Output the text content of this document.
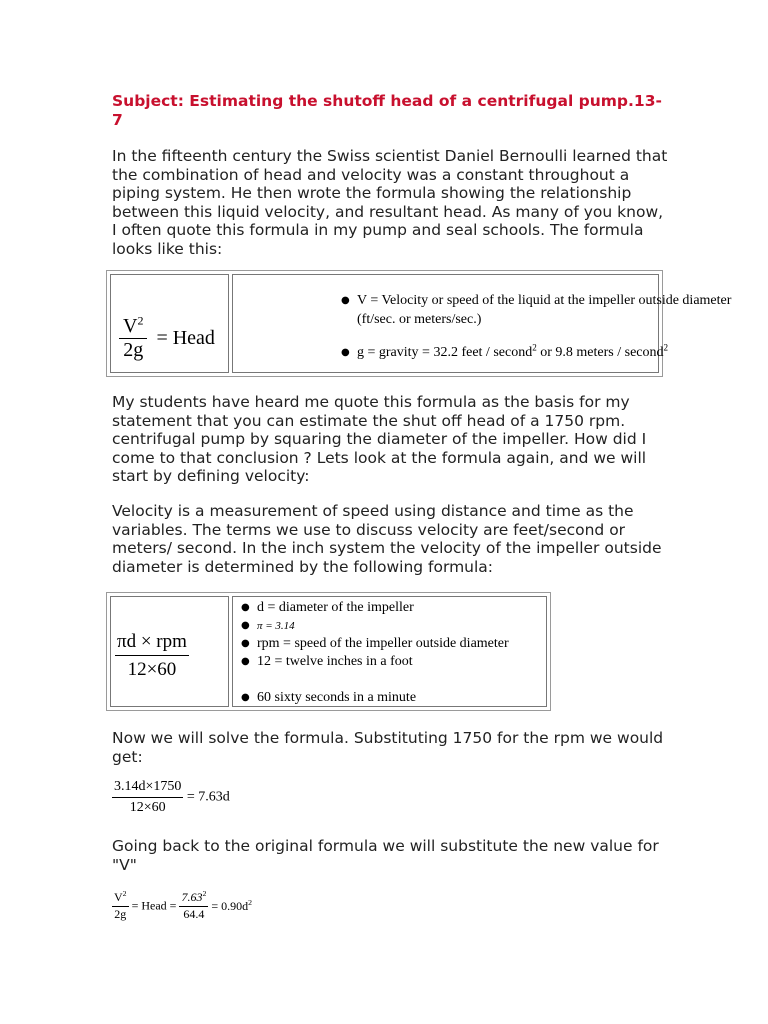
Subject: Estimating the shutoff head of a centrifugal pump.13-7

In the fifteenth century the Swiss scientist Daniel Bernoulli learned that the combination of head and velocity was a constant throughout a piping system. He then wrote the formula showing the relationship between this liquid velocity, and resultant head. As many of you know, I often quote this formula in my pump and seal schools. The formula looks like this:

$\frac{V^2}{2g}$ = Head
● V = Velocity or speed of the liquid at the impeller outside diameter (ft/sec. or meters/sec.)
● g = gravity = 32.2 feet / second$^2$ or 9.8 meters / second$^2$

My students have heard me quote this formula as the basis for my statement that you can estimate the shut off head of a 1750 rpm. centrifugal pump by squaring the diameter of the impeller. How did I come to that conclusion ? Lets look at the formula again, and we will start by defining velocity:

Velocity is a measurement of speed using distance and time as the variables. The terms we use to discuss velocity are feet/second or meters/ second. In the inch system the velocity of the impeller outside diameter is determined by the following formula:

$\frac{\text{πd × rpm}}{12\times 60}$
● d = diameter of the impeller
● π = 3.14
● rpm = speed of the impeller outside diameter
● 12 = twelve inches in a foot
● 60 sixty seconds in a minute

Now we will solve the formula. Substituting 1750 for the rpm we would get:

$\frac{3.14d\times 1750}{12\times 60} = 7.63d$

Going back to the original formula we will substitute the new value for "V"

$\frac{V^2}{2g}$ = Head = $\frac{7.63^2}{64.4} = 0.90d^2$
